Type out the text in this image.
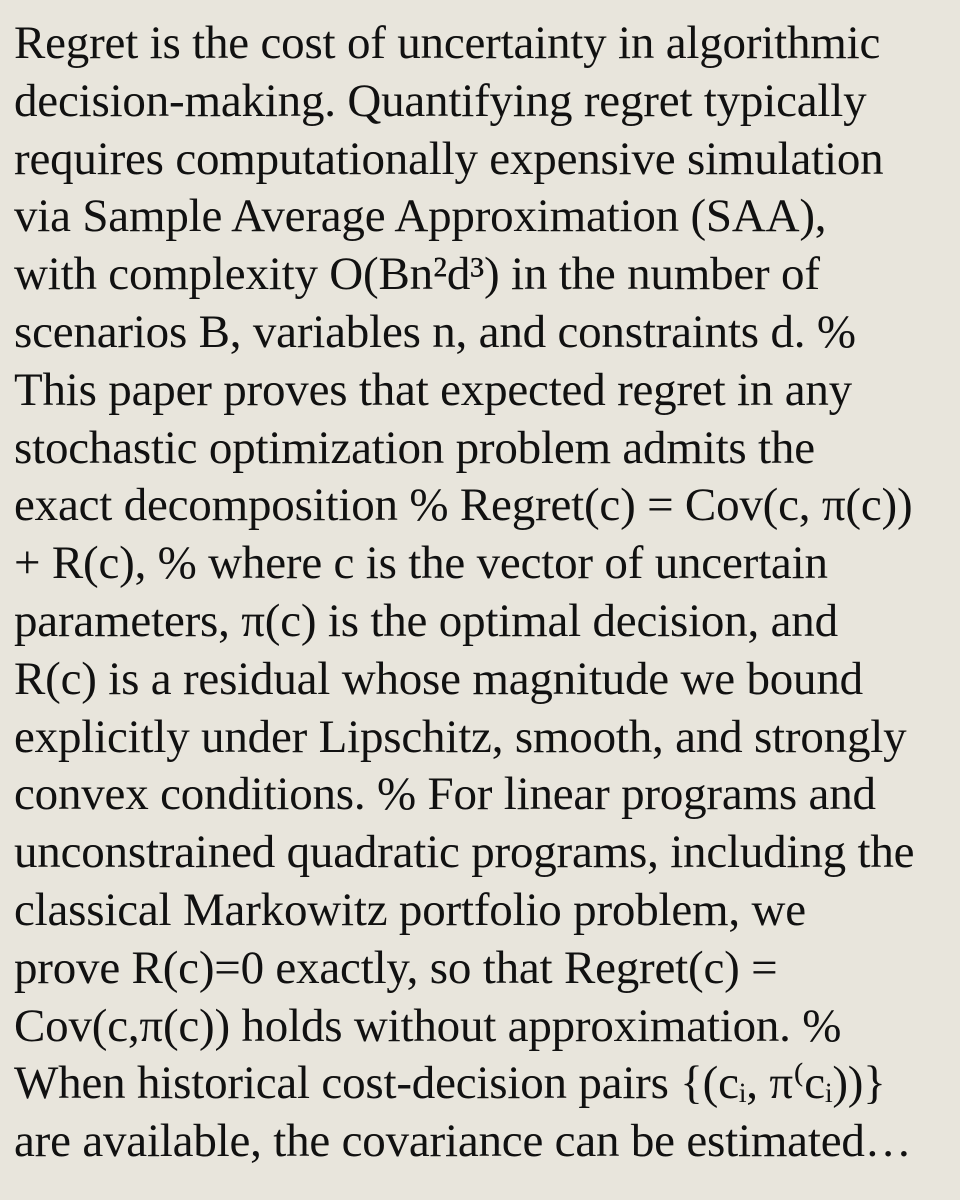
Regret is the cost of uncertainty in algorithmic
decision-making. Quantifying regret typically
requires computationally expensive simulation
via Sample Average Approximation (SAA),
with complexity O(Bn²d³) in the number of
scenarios B, variables n, and constraints d. %
This paper proves that expected regret in any
stochastic optimization problem admits the
exact decomposition % Regret(c) = Cov(c, π(c))
+ R(c), % where c is the vector of uncertain
parameters, π(c) is the optimal decision, and
R(c) is a residual whose magnitude we bound
explicitly under Lipschitz, smooth, and strongly
convex conditions. % For linear programs and
unconstrained quadratic programs, including the
classical Markowitz portfolio problem, we
prove R(c)=0 exactly, so that Regret(c) =
Cov(c,π(c)) holds without approximation. %
When historical cost-decision pairs {(cᵢ, π⁽cᵢ))}
are available, the covariance can be estimated…
